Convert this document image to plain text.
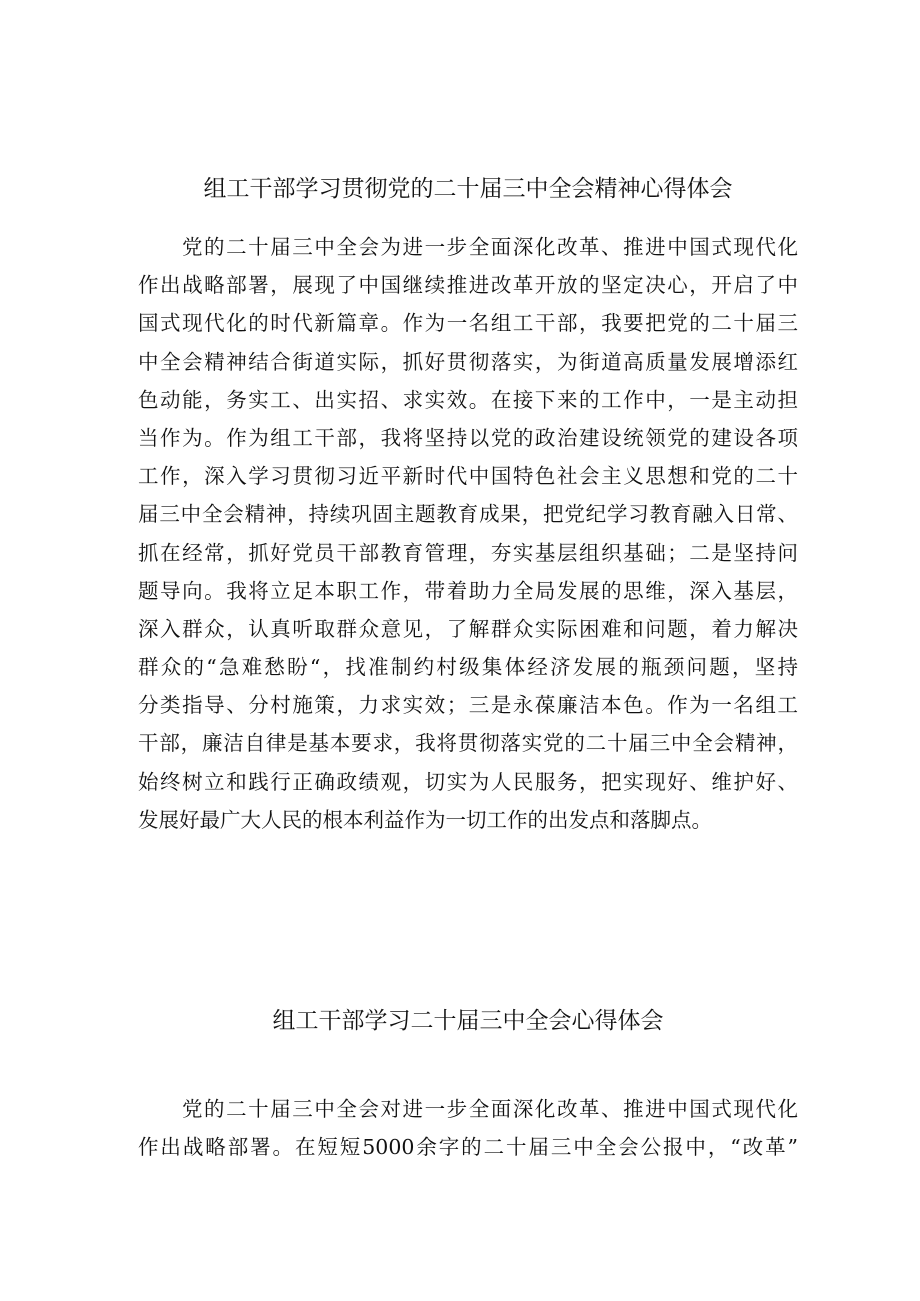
组工干部学习贯彻党的二十届三中全会精神心得体会
党的二十届三中全会为进一步全面深化改革、推进中国式现代化
作出战略部署，展现了中国继续推进改革开放的坚定决心，开启了中
国式现代化的时代新篇章。作为一名组工干部，我要把党的二十届三
中全会精神结合街道实际，抓好贯彻落实，为街道高质量发展增添红
色动能，务实工、出实招、求实效。在接下来的工作中，一是主动担
当作为。作为组工干部，我将坚持以党的政治建设统领党的建设各项
工作，深入学习贯彻习近平新时代中国特色社会主义思想和党的二十
届三中全会精神，持续巩固主题教育成果，把党纪学习教育融入日常、
抓在经常，抓好党员干部教育管理，夯实基层组织基础；二是坚持问
题导向。我将立足本职工作，带着助力全局发展的思维，深入基层，
深入群众，认真听取群众意见，了解群众实际困难和问题，着力解决
群众的“急难愁盼“，找准制约村级集体经济发展的瓶颈问题，坚持
分类指导、分村施策，力求实效；三是永葆廉洁本色。作为一名组工
干部，廉洁自律是基本要求，我将贯彻落实党的二十届三中全会精神，
始终树立和践行正确政绩观，切实为人民服务，把实现好、维护好、
发展好最广大人民的根本利益作为一切工作的出发点和落脚点。
组工干部学习二十届三中全会心得体会
党的二十届三中全会对进一步全面深化改革、推进中国式现代化
作出战略部署。在短短5000余字的二十届三中全会公报中，“改革”
